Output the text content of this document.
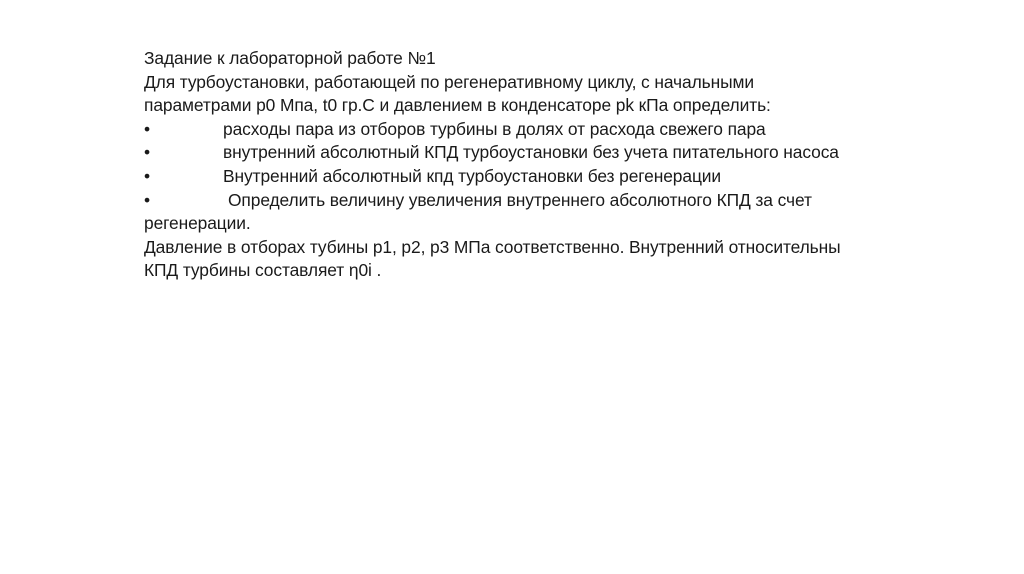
Задание к лабораторной работе №1

Для турбоустановки, работающей по регенеративному циклу, с начальными

параметрами p0 Мпа, t0 гр.С и давлением в конденсаторе pk кПа определить:

•	расходы пара из отборов турбины в долях от расхода свежего пара
•	внутренний абсолютный КПД турбоустановки без учета питательного насоса
•	Внутренний абсолютный кпд турбоустановки без регенерации
•	Определить величину увеличения внутреннего абсолютного КПД за счет

регенерации.

Давление в отборах тубины p1, p2, p3 МПа соответственно. Внутренний относительны

КПД турбины составляет η0i .
